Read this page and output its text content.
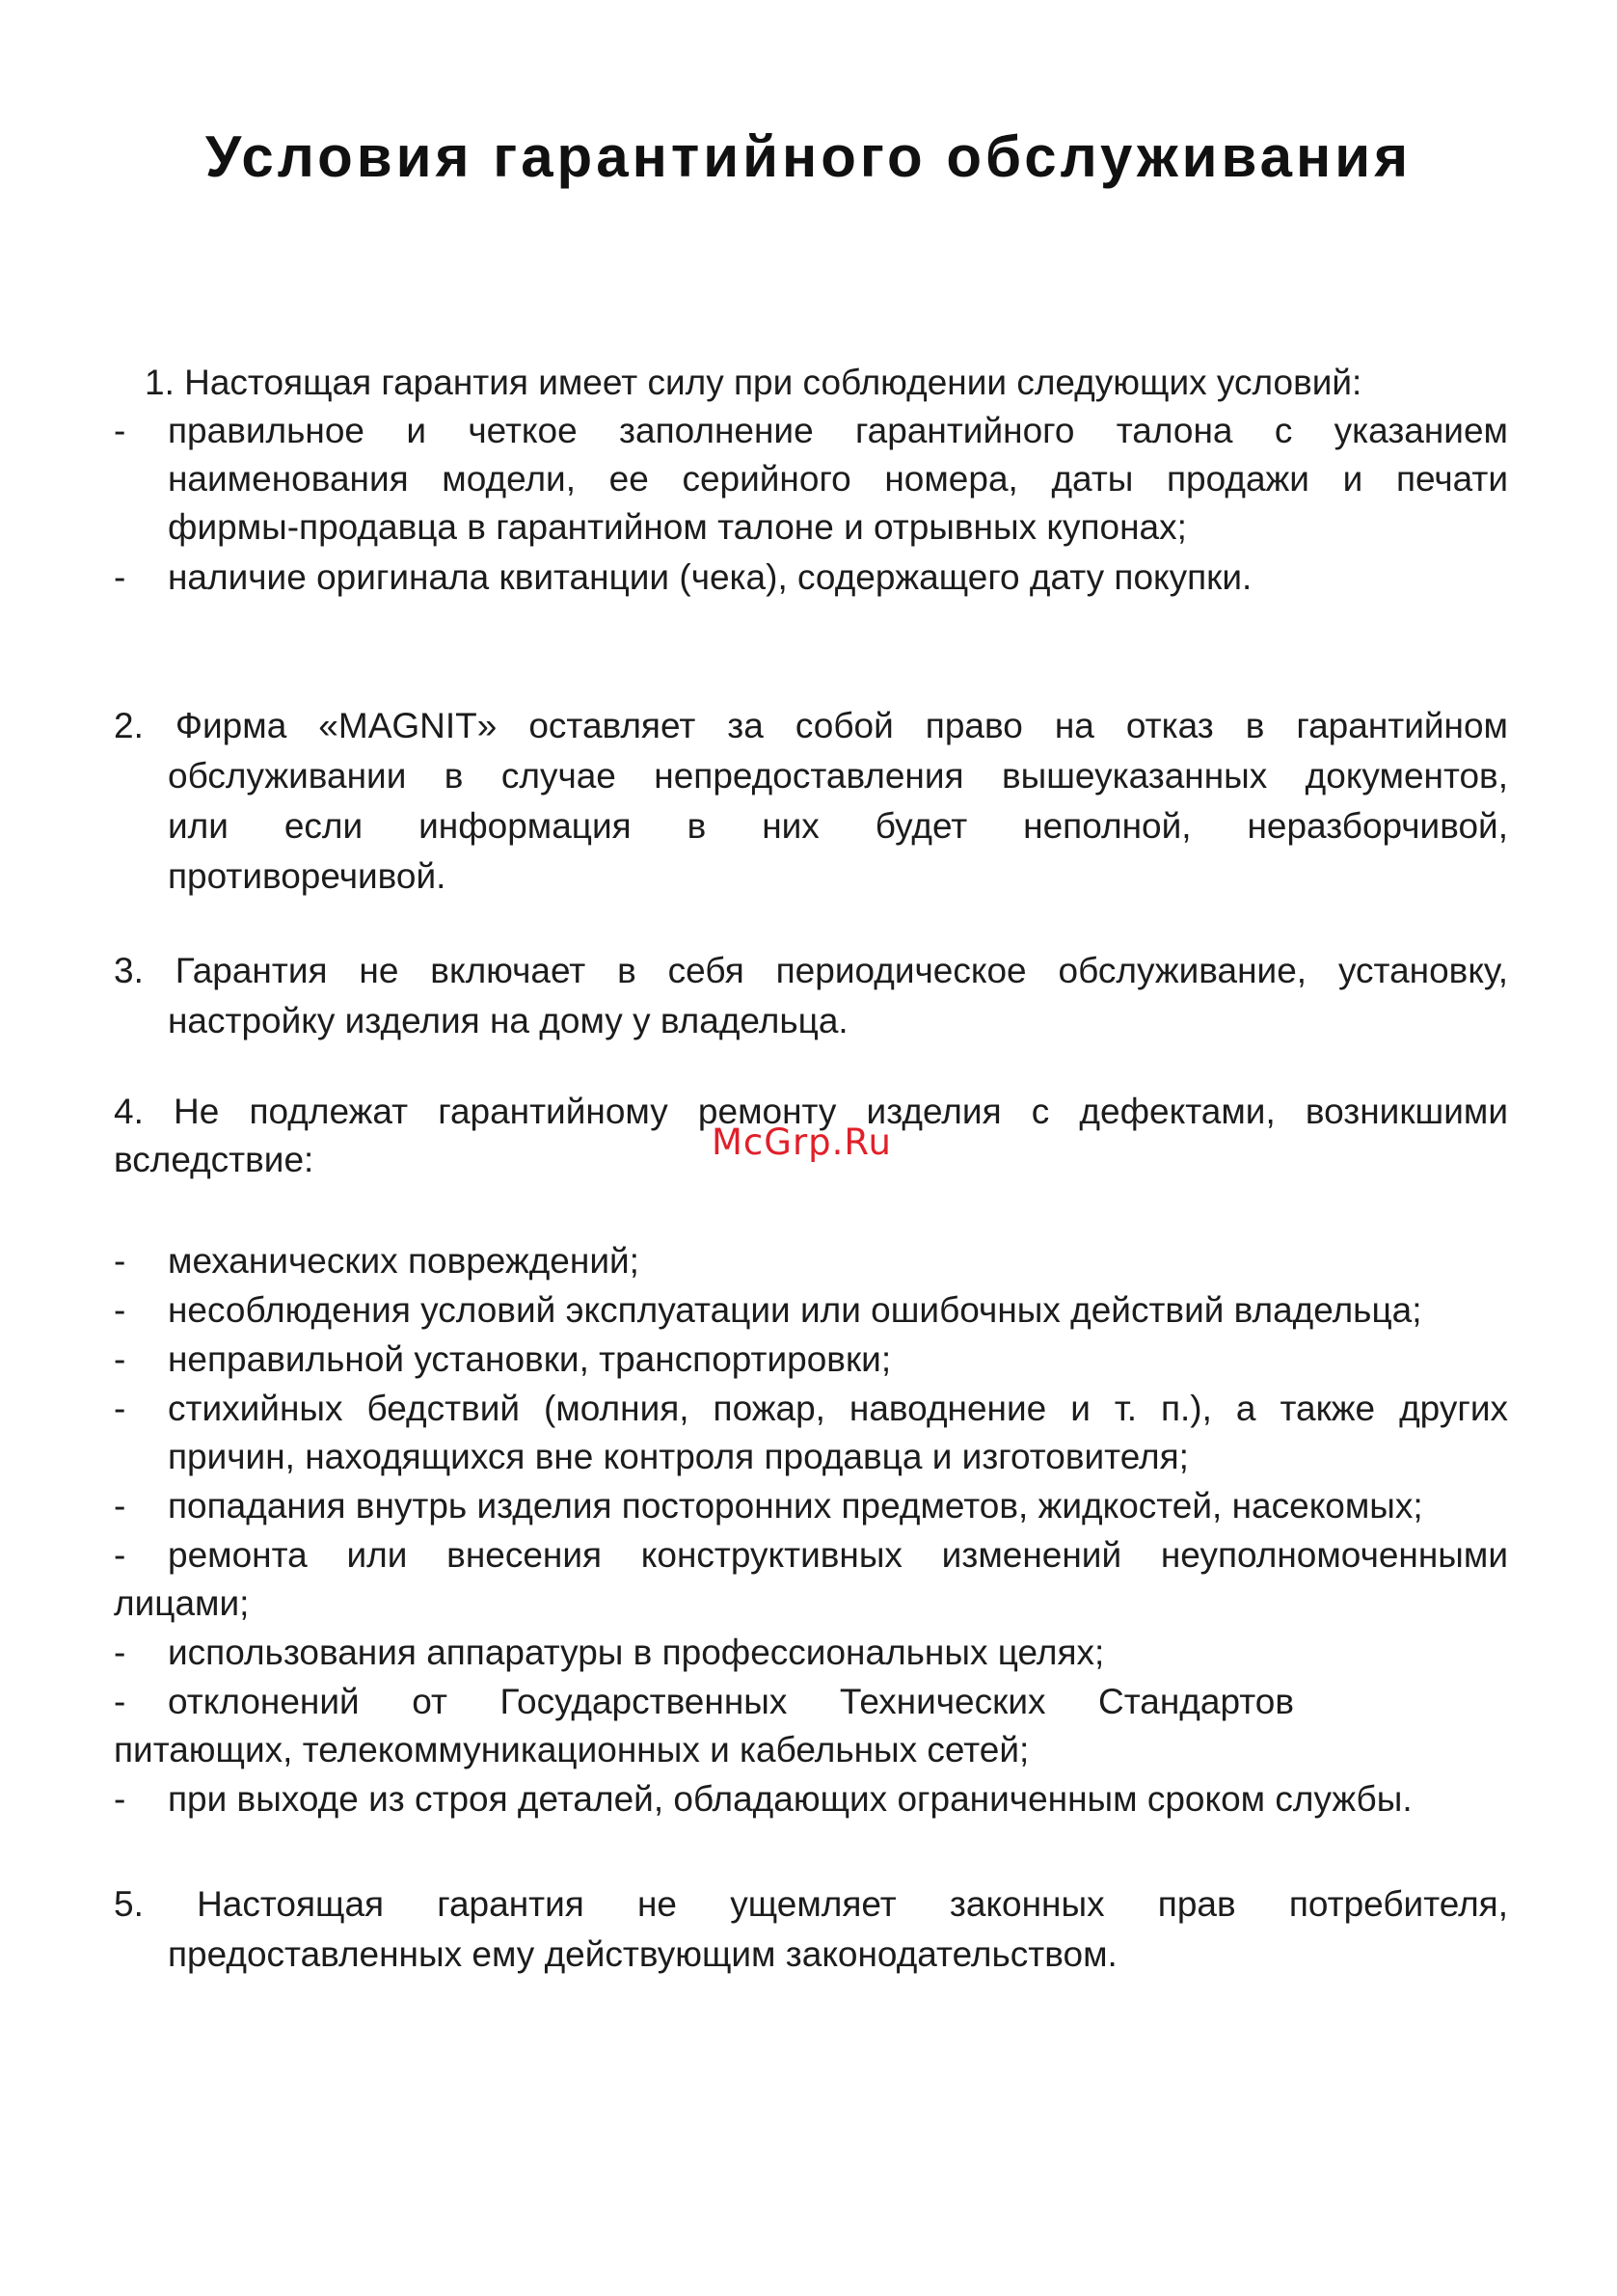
Условия гарантийного обслуживания
1. Настоящая гарантия имеет силу при соблюдении следующих условий:
- правильное и четкое заполнение гарантийного талона с указанием
наименования модели, ее серийного номера, даты продажи и печати
фирмы-продавца в гарантийном талоне и отрывных купонах;
- наличие оригинала квитанции (чека), содержащего дату покупки.
2. Фирма «MAGNIT» оставляет за собой право на отказ в гарантийном
обслуживании в случае непредоставления вышеуказанных документов,
или если информация в них будет неполной, неразборчивой,
противоречивой.
3. Гарантия не включает в себя периодическое обслуживание, установку,
настройку изделия на дому у владельца.
4. Не подлежат гарантийному ремонту изделия с дефектами, возникшими
вследствие:
- механических повреждений;
- несоблюдения условий эксплуатации или ошибочных действий владельца;
- неправильной установки, транспортировки;
- стихийных бедствий (молния, пожар, наводнение и т. п.), а также других
причин, находящихся вне контроля продавца и изготовителя;
- попадания внутрь изделия посторонних предметов, жидкостей, насекомых;
- ремонта или внесения конструктивных изменений неуполномоченными
лицами;
- использования аппаратуры в профессиональных целях;
- отклонений от Государственных Технических Стандартов
питающих, телекоммуникационных и кабельных сетей;
- при выходе из строя деталей, обладающих ограниченным сроком службы.
5. Настоящая гарантия не ущемляет законных прав потребителя,
предоставленных ему действующим законодательством.
McGrp.Ru
